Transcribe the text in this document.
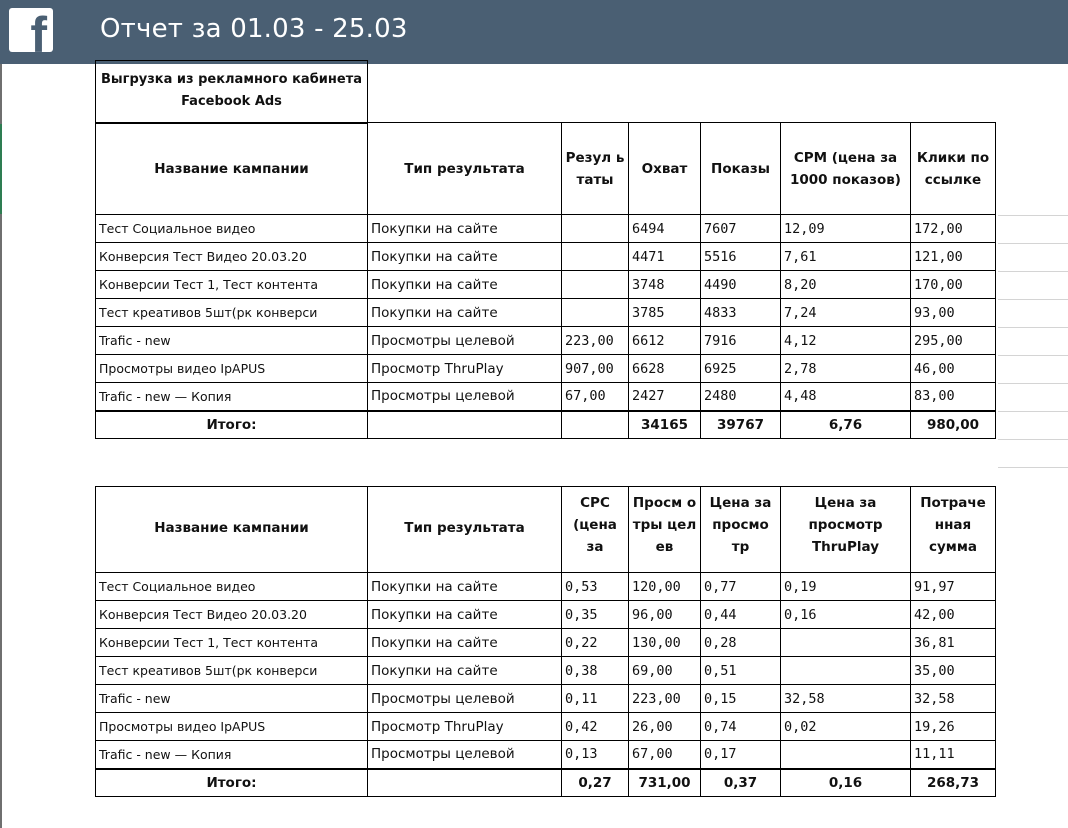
f Отчет за 01.03 - 25.03
Выгрузка из рекламного кабинета Facebook Ads						
Название кампании	Тип результата	Резул ьтаты	Охват	Показы	CPM (цена за 1000 показов)	Клики по ссылке
Тест Социальное видео	Покупки на сайте		6494	7607	12,09	172,00
Конверсия Тест Видео 20.03.20	Покупки на сайте		4471	5516	7,61	121,00
Конверсии Тест 1, Тест контента	Покупки на сайте		3748	4490	8,20	170,00
Тест креативов 5шт(рк конверси	Покупки на сайте		3785	4833	7,24	93,00
Trafic - new	Просмотры целевой	223,00	6612	7916	4,12	295,00
Просмотры видео IpAPUS	Просмотр ThruPlay	907,00	6628	6925	2,78	46,00
Trafic - new — Копия	Просмотры целевой	67,00	2427	2480	4,48	83,00
Итого:			34165	39767	6,76	980,00
Название кампании	Тип результата	CPC (цена за	Просм отры целев	Цена за просмо тр	Цена за просмотр ThruPlay	Потраче нная сумма

Тест Социальное видео	Покупки на сайте	0,53	120,00	0,77	0,19	91,97
Конверсия Тест Видео 20.03.20	Покупки на сайте	0,35	96,00	0,44	0,16	42,00
Конверсии Тест 1, Тест контента	Покупки на сайте	0,22	130,00	0,28		36,81
Тест креативов 5шт(рк конверси	Покупки на сайте	0,38	69,00	0,51		35,00
Trafic - new	Просмотры целевой	0,11	223,00	0,15	32,58	32,58
Просмотры видео IpAPUS	Просмотр ThruPlay	0,42	26,00	0,74	0,02	19,26
Trafic - new — Копия	Просмотры целевой	0,13	67,00	0,17		11,11
Итого:		0,27	731,00	0,37	0,16	268,73
